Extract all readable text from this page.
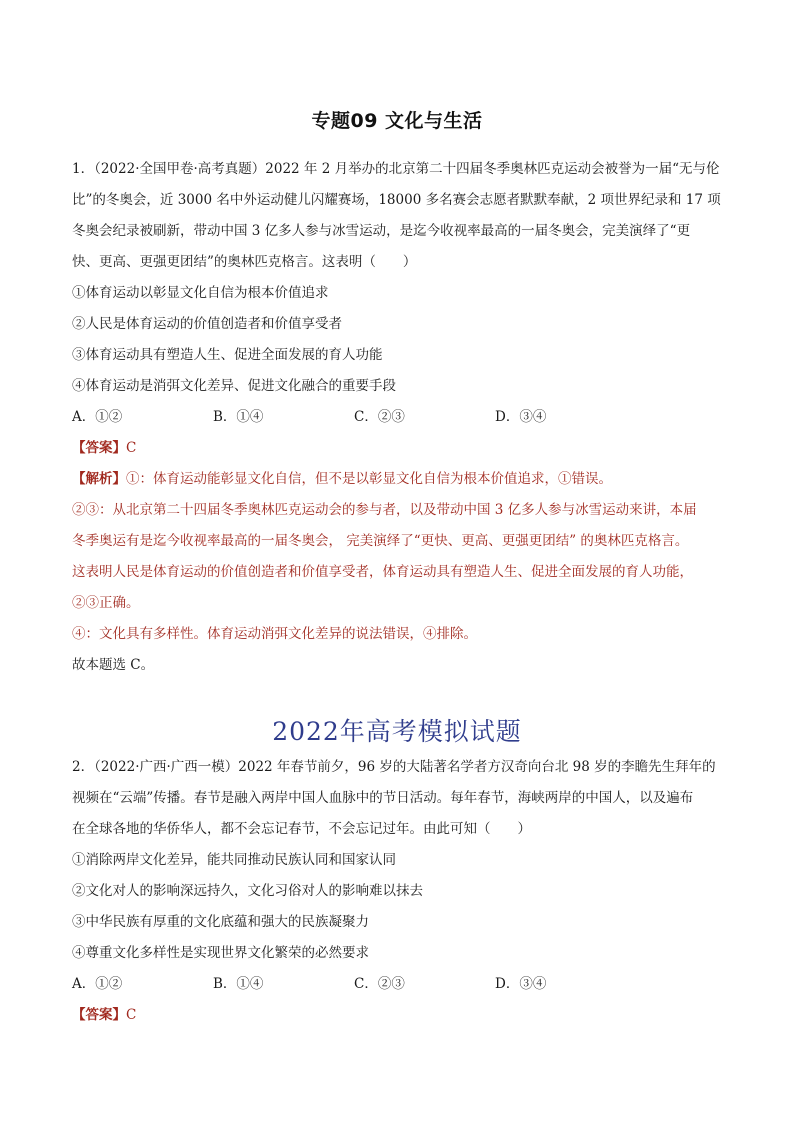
专题09 文化与生活
1．（2022·全国甲卷·高考真题）2022 年 2 月举办的北京第二十四届冬季奥林匹克运动会被誉为一届“无与伦
比”的冬奥会，近 3000 名中外运动健儿闪耀赛场，18000 多名赛会志愿者默默奉献，2 项世界纪录和 17 项
冬奥会纪录被刷新，带动中国 3 亿多人参与冰雪运动，是迄今收视率最高的一届冬奥会，完美演绎了“更
快、更高、更强更团结”的奥林匹克格言。这表明（　　）
①体育运动以彰显文化自信为根本价值追求
②人民是体育运动的价值创造者和价值享受者
③体育运动具有塑造人生、促进全面发展的育人功能
④体育运动是消弭文化差异、促进文化融合的重要手段
A．①②	B．①④	C．②③	D．③④
【答案】C
【解析】①：体育运动能彰显文化自信，但不是以彰显文化自信为根本价值追求，①错误。
②③：从北京第二十四届冬季奥林匹克运动会的参与者，以及带动中国 3 亿多人参与冰雪运动来讲，本届
冬季奥运有是迄今收视率最高的一届冬奥会， 完美演绎了“更快、更高、更强更团结” 的奥林匹克格言。
这表明人民是体育运动的价值创造者和价值享受者，体育运动具有塑造人生、促进全面发展的育人功能，
②③正确。
④：文化具有多样性。体育运动消弭文化差异的说法错误，④排除。
故本题选 C。
2022年高考模拟试题
2．（2022·广西·广西一模）2022 年春节前夕，96 岁的大陆著名学者方汉奇向台北 98 岁的李瞻先生拜年的
视频在“云端”传播。春节是融入两岸中国人血脉中的节日活动。每年春节，海峡两岸的中国人，以及遍布
在全球各地的华侨华人，都不会忘记春节，不会忘记过年。由此可知（　　）
①消除两岸文化差异，能共同推动民族认同和国家认同
②文化对人的影响深远持久，文化习俗对人的影响难以抹去
③中华民族有厚重的文化底蕴和强大的民族凝聚力
④尊重文化多样性是实现世界文化繁荣的必然要求
A．①②	B．①④	C．②③	D．③④
【答案】C
